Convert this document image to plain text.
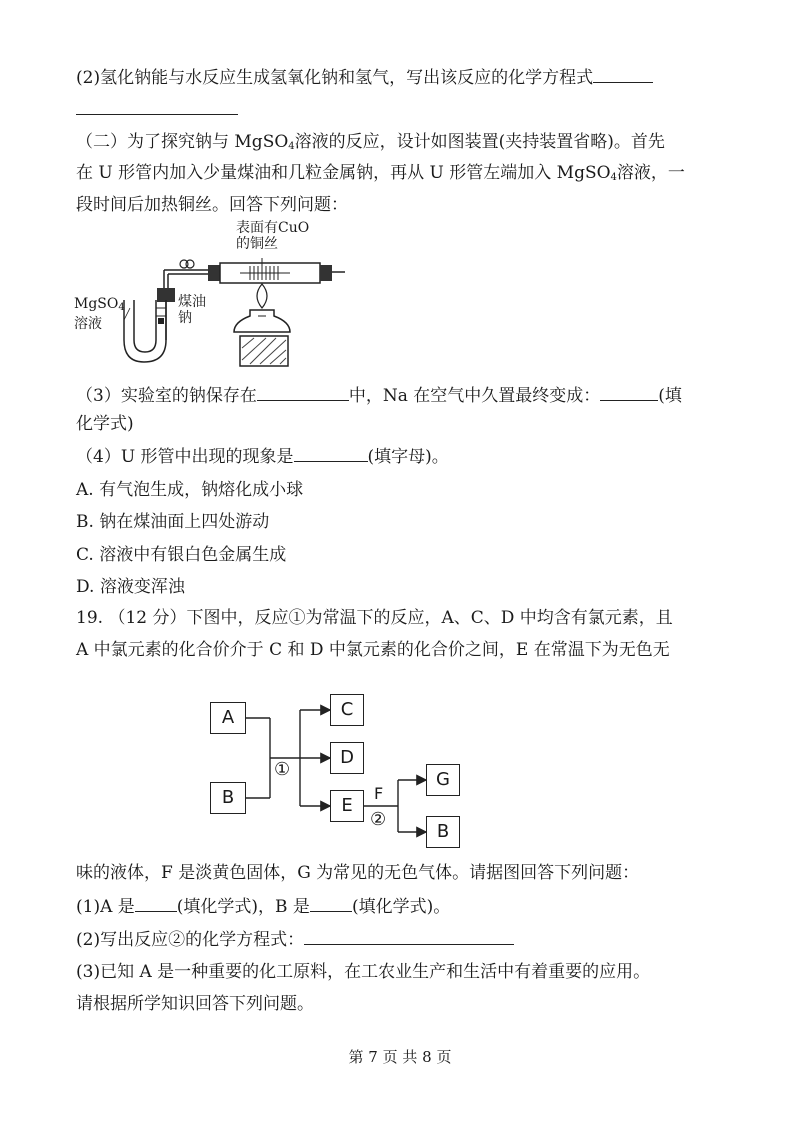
(2)氢化钠能与水反应生成氢氧化钠和氢气，写出该反应的化学方程式
（二）为了探究钠与 MgSO$_4$溶液的反应，设计如图装置(夹持装置省略)。首先
在 U 形管内加入少量煤油和几粒金属钠，再从 U 形管左端加入 MgSO$_4$溶液，一
段时间后加热铜丝。回答下列问题：
表面有CuO
的铜丝
MgSO$_4$
溶液
煤油
钠
（3）实验室的钠保存在	中，Na 在空气中久置最终变成：	(填
化学式)
（4）U 形管中出现的现象是	(填字母)。
A. 有气泡生成，钠熔化成小球
B. 钠在煤油面上四处游动
C. 溶液中有银白色金属生成
D. 溶液变浑浊
19. （12 分）下图中，反应①为常温下的反应，A、C、D 中均含有氯元素，且
A 中氯元素的化合价介于 C 和 D 中氯元素的化合价之间，E 在常温下为无色无
A
B
C
D
E
G
B
①
F
②
味的液体，F 是淡黄色固体，G 为常见的无色气体。请据图回答下列问题：
(1)A 是 (填化学式)，B 是 (填化学式)。
(2)写出反应②的化学方程式：
(3)已知 A 是一种重要的化工原料，在工农业生产和生活中有着重要的应用。
请根据所学知识回答下列问题。
第 7 页 共 8 页
